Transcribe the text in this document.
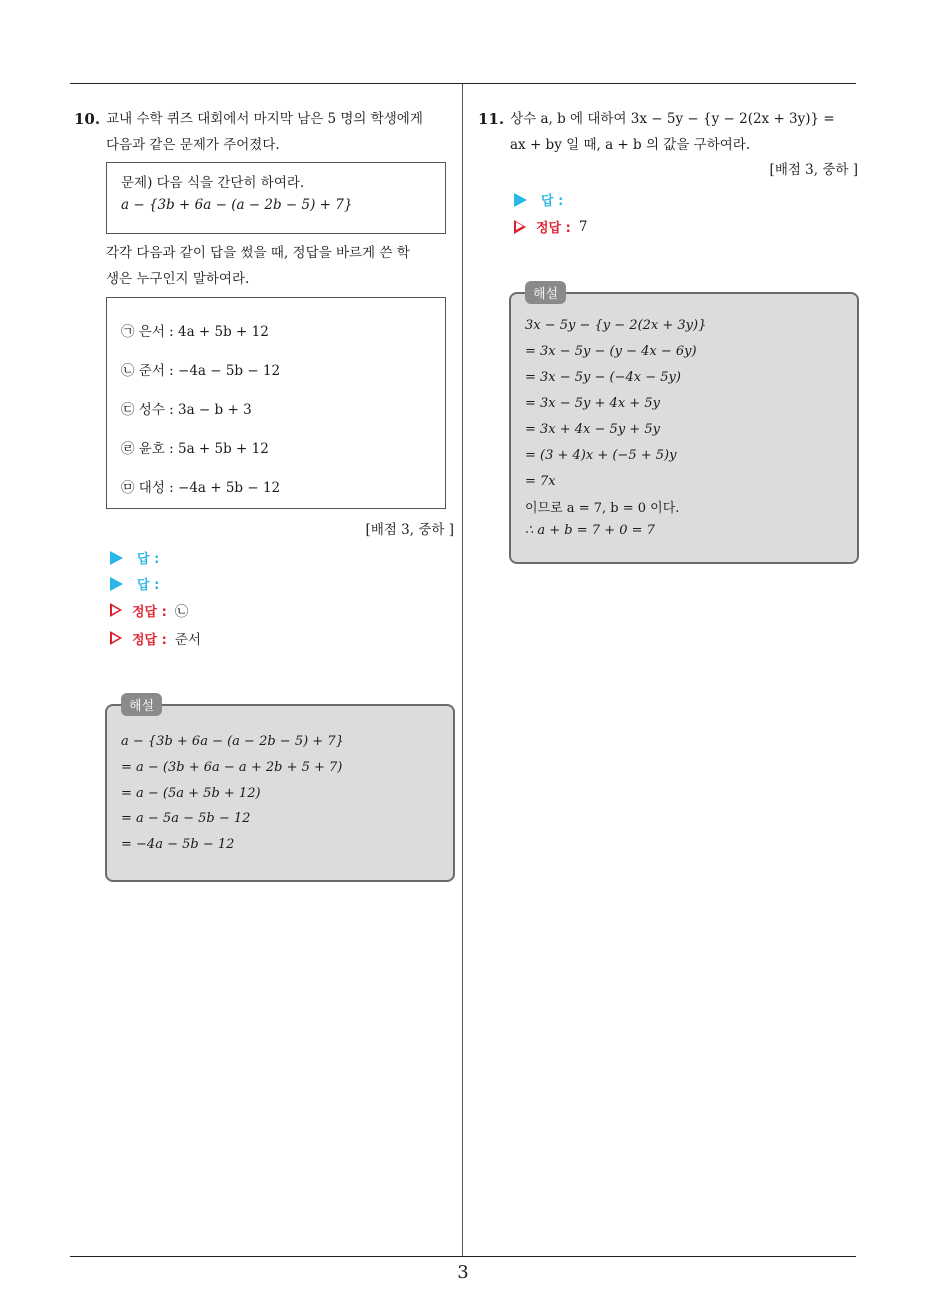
3
10. 교내 수학 퀴즈 대회에서 마지막 남은 5 명의 학생에게
다음과 같은 문제가 주어졌다.
문제) 다음 식을 간단히 하여라.
a − {3b + 6a − (a − 2b − 5) + 7}
각각 다음과 같이 답을 썼을 때, 정답을 바르게 쓴 학
생은 누구인지 말하여라.
㉠ 은서 : 4a + 5b + 12
㉡ 준서 : −4a − 5b − 12
㉢ 성수 : 3a − b + 3
㉣ 윤호 : 5a + 5b + 12
㉤ 대성 : −4a + 5b − 12
[배점 3, 중하 ]
답 :
답 :
정답 : ㉡
정답 : 준서
해설
a − {3b + 6a − (a − 2b − 5) + 7}
= a − (3b + 6a − a + 2b + 5 + 7)
= a − (5a + 5b + 12)
= a − 5a − 5b − 12
= −4a − 5b − 12
11. 상수 a, b 에 대하여 3x − 5y − {y − 2(2x + 3y)} =
ax + by 일 때, a + b 의 값을 구하여라.
[배점 3, 중하 ]
답 :
정답 : 7
해설
3x − 5y − {y − 2(2x + 3y)}
= 3x − 5y − (y − 4x − 6y)
= 3x − 5y − (−4x − 5y)
= 3x − 5y + 4x + 5y
= 3x + 4x − 5y + 5y
= (3 + 4)x + (−5 + 5)y
= 7x
이므로 a = 7, b = 0 이다.
∴ a + b = 7 + 0 = 7
